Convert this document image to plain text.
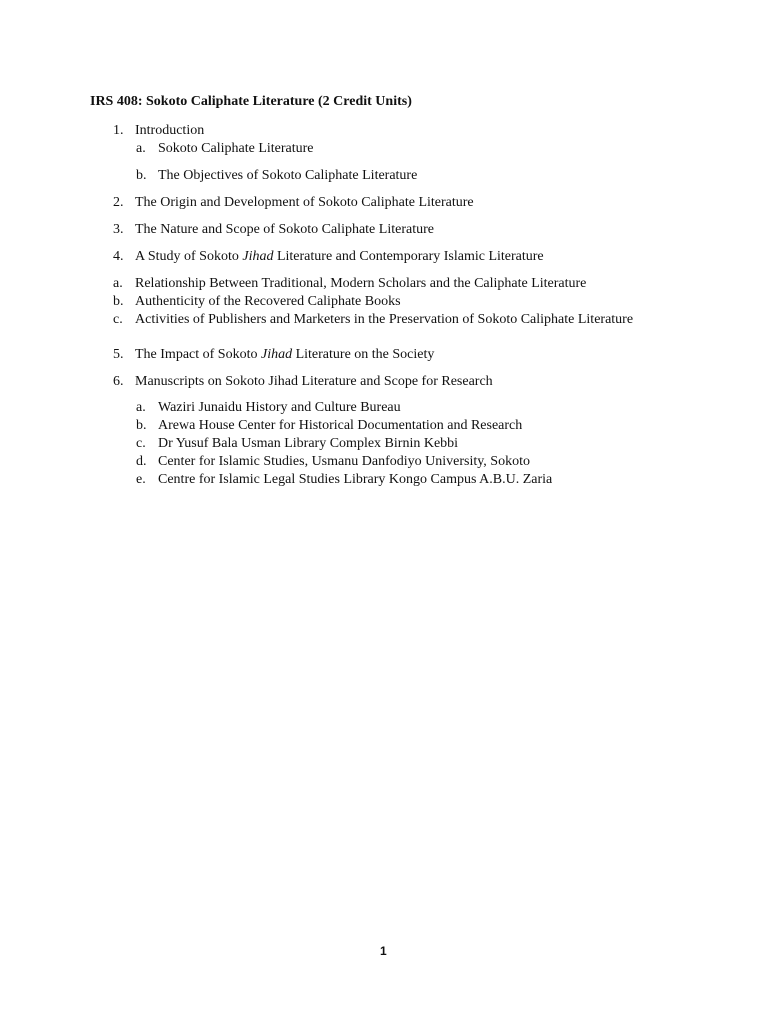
IRS 408: Sokoto Caliphate Literature (2 Credit Units)
1. Introduction
a. Sokoto Caliphate Literature
b. The Objectives of Sokoto Caliphate Literature
2. The Origin and Development of Sokoto Caliphate Literature
3. The Nature and Scope of Sokoto Caliphate Literature
4. A Study of Sokoto Jihad Literature and Contemporary Islamic Literature
a. Relationship Between Traditional, Modern Scholars and the Caliphate Literature
b. Authenticity of the Recovered Caliphate Books
c. Activities of Publishers and Marketers in the Preservation of Sokoto Caliphate Literature
5. The Impact of Sokoto Jihad Literature on the Society
6. Manuscripts on Sokoto Jihad Literature and Scope for Research
a. Waziri Junaidu History and Culture Bureau
b. Arewa House Center for Historical Documentation and Research
c. Dr Yusuf Bala Usman Library Complex Birnin Kebbi
d. Center for Islamic Studies, Usmanu Danfodiyo University, Sokoto
e. Centre for Islamic Legal Studies Library Kongo Campus A.B.U. Zaria
1
